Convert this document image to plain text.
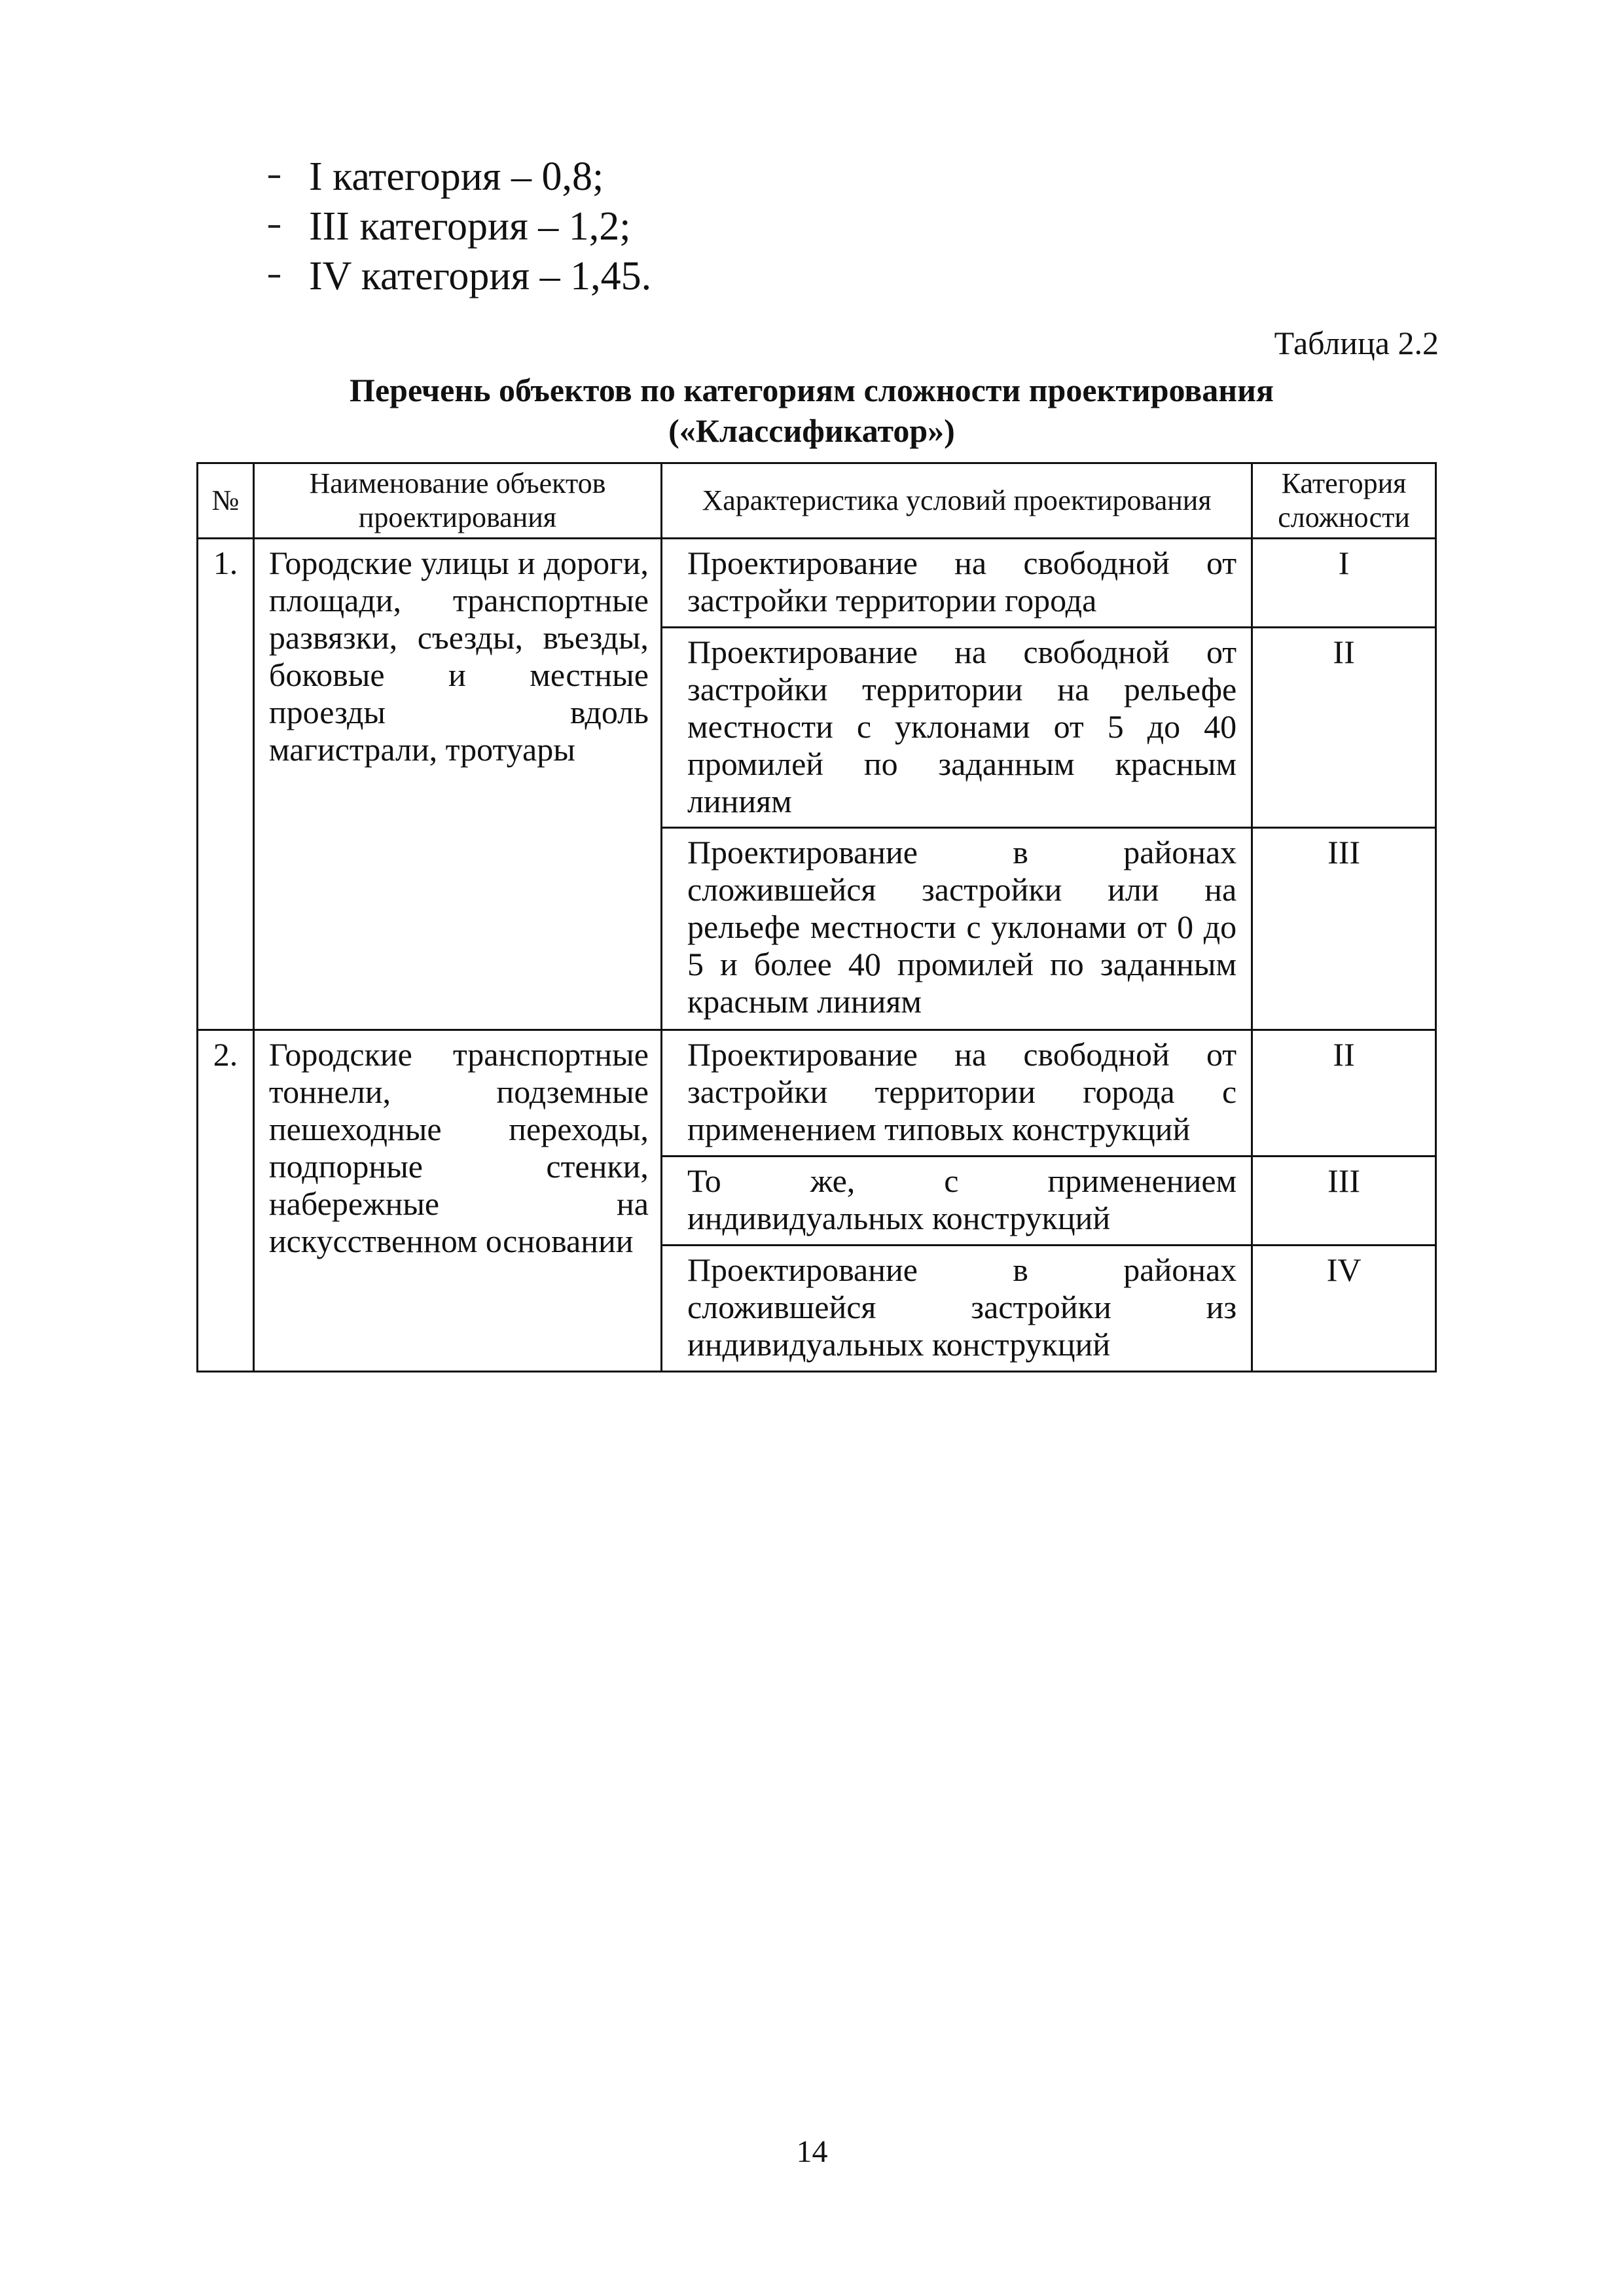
I категория – 0,8;
III категория – 1,2;
IV категория – 1,45.
Таблица 2.2
Перечень объектов по категориям сложности проектирования
(«Классификатор»)
№	Наименование объектов проектирования	Характеристика условий проектирования	Категория сложности
1.	Городские улицы и дороги, площади, транспортные развязки, съезды, въезды, боковые и местные проезды вдоль магистрали, тротуары	Проектирование на свободной от застройки территории города	I
		Проектирование на свободной от застройки территории на рельефе местности с уклонами от 5 до 40 промилей по заданным красным линиям	II
		Проектирование в районах сложившейся застройки или на рельефе местности с уклонами от 0 до 5 и более 40 промилей по заданным красным линиям	III
2.	Городские транспортные тоннели, подземные пешеходные переходы, подпорные стенки, набережные на искусственном основании	Проектирование на свободной от застройки территории города с применением типовых конструкций	II
		То же, с применением индивидуальных конструкций	III
		Проектирование в районах сложившейся застройки из индивидуальных конструкций	IV
14
